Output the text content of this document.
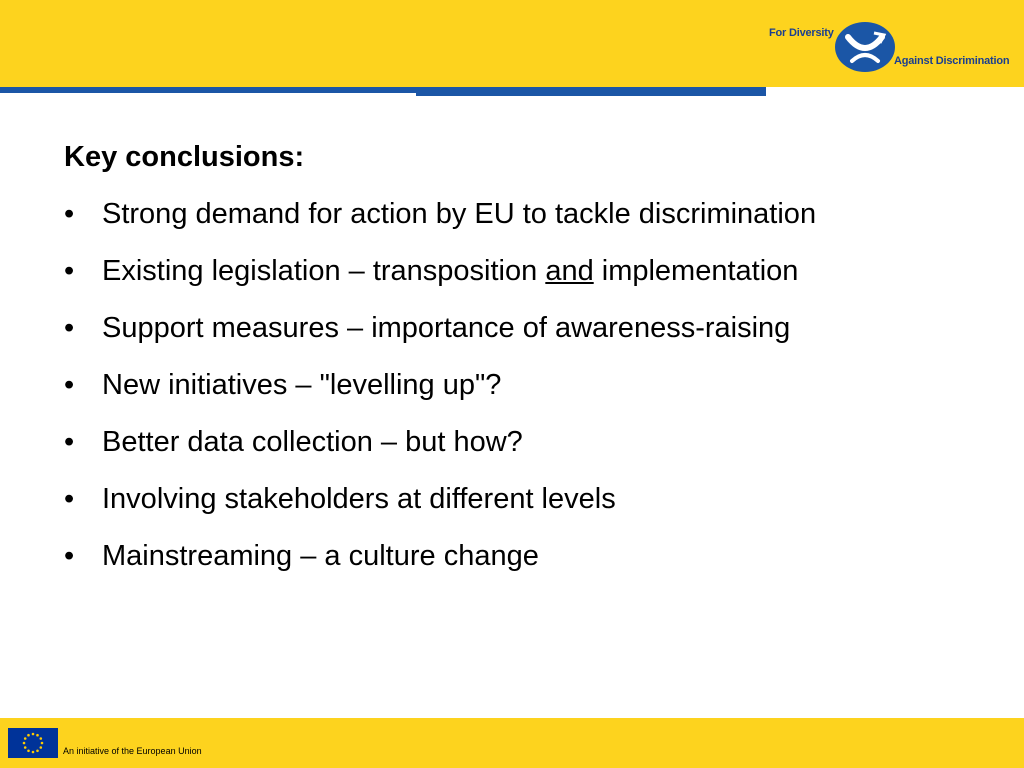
For Diversity
Against Discrimination
Key conclusions:
• Strong demand for action by EU to tackle discrimination
• Existing legislation – transposition and implementation
• Support measures – importance of awareness-raising
• New initiatives – "levelling up"?
• Better data collection – but how?
• Involving stakeholders at different levels
• Mainstreaming – a culture change
An initiative of the European Union
